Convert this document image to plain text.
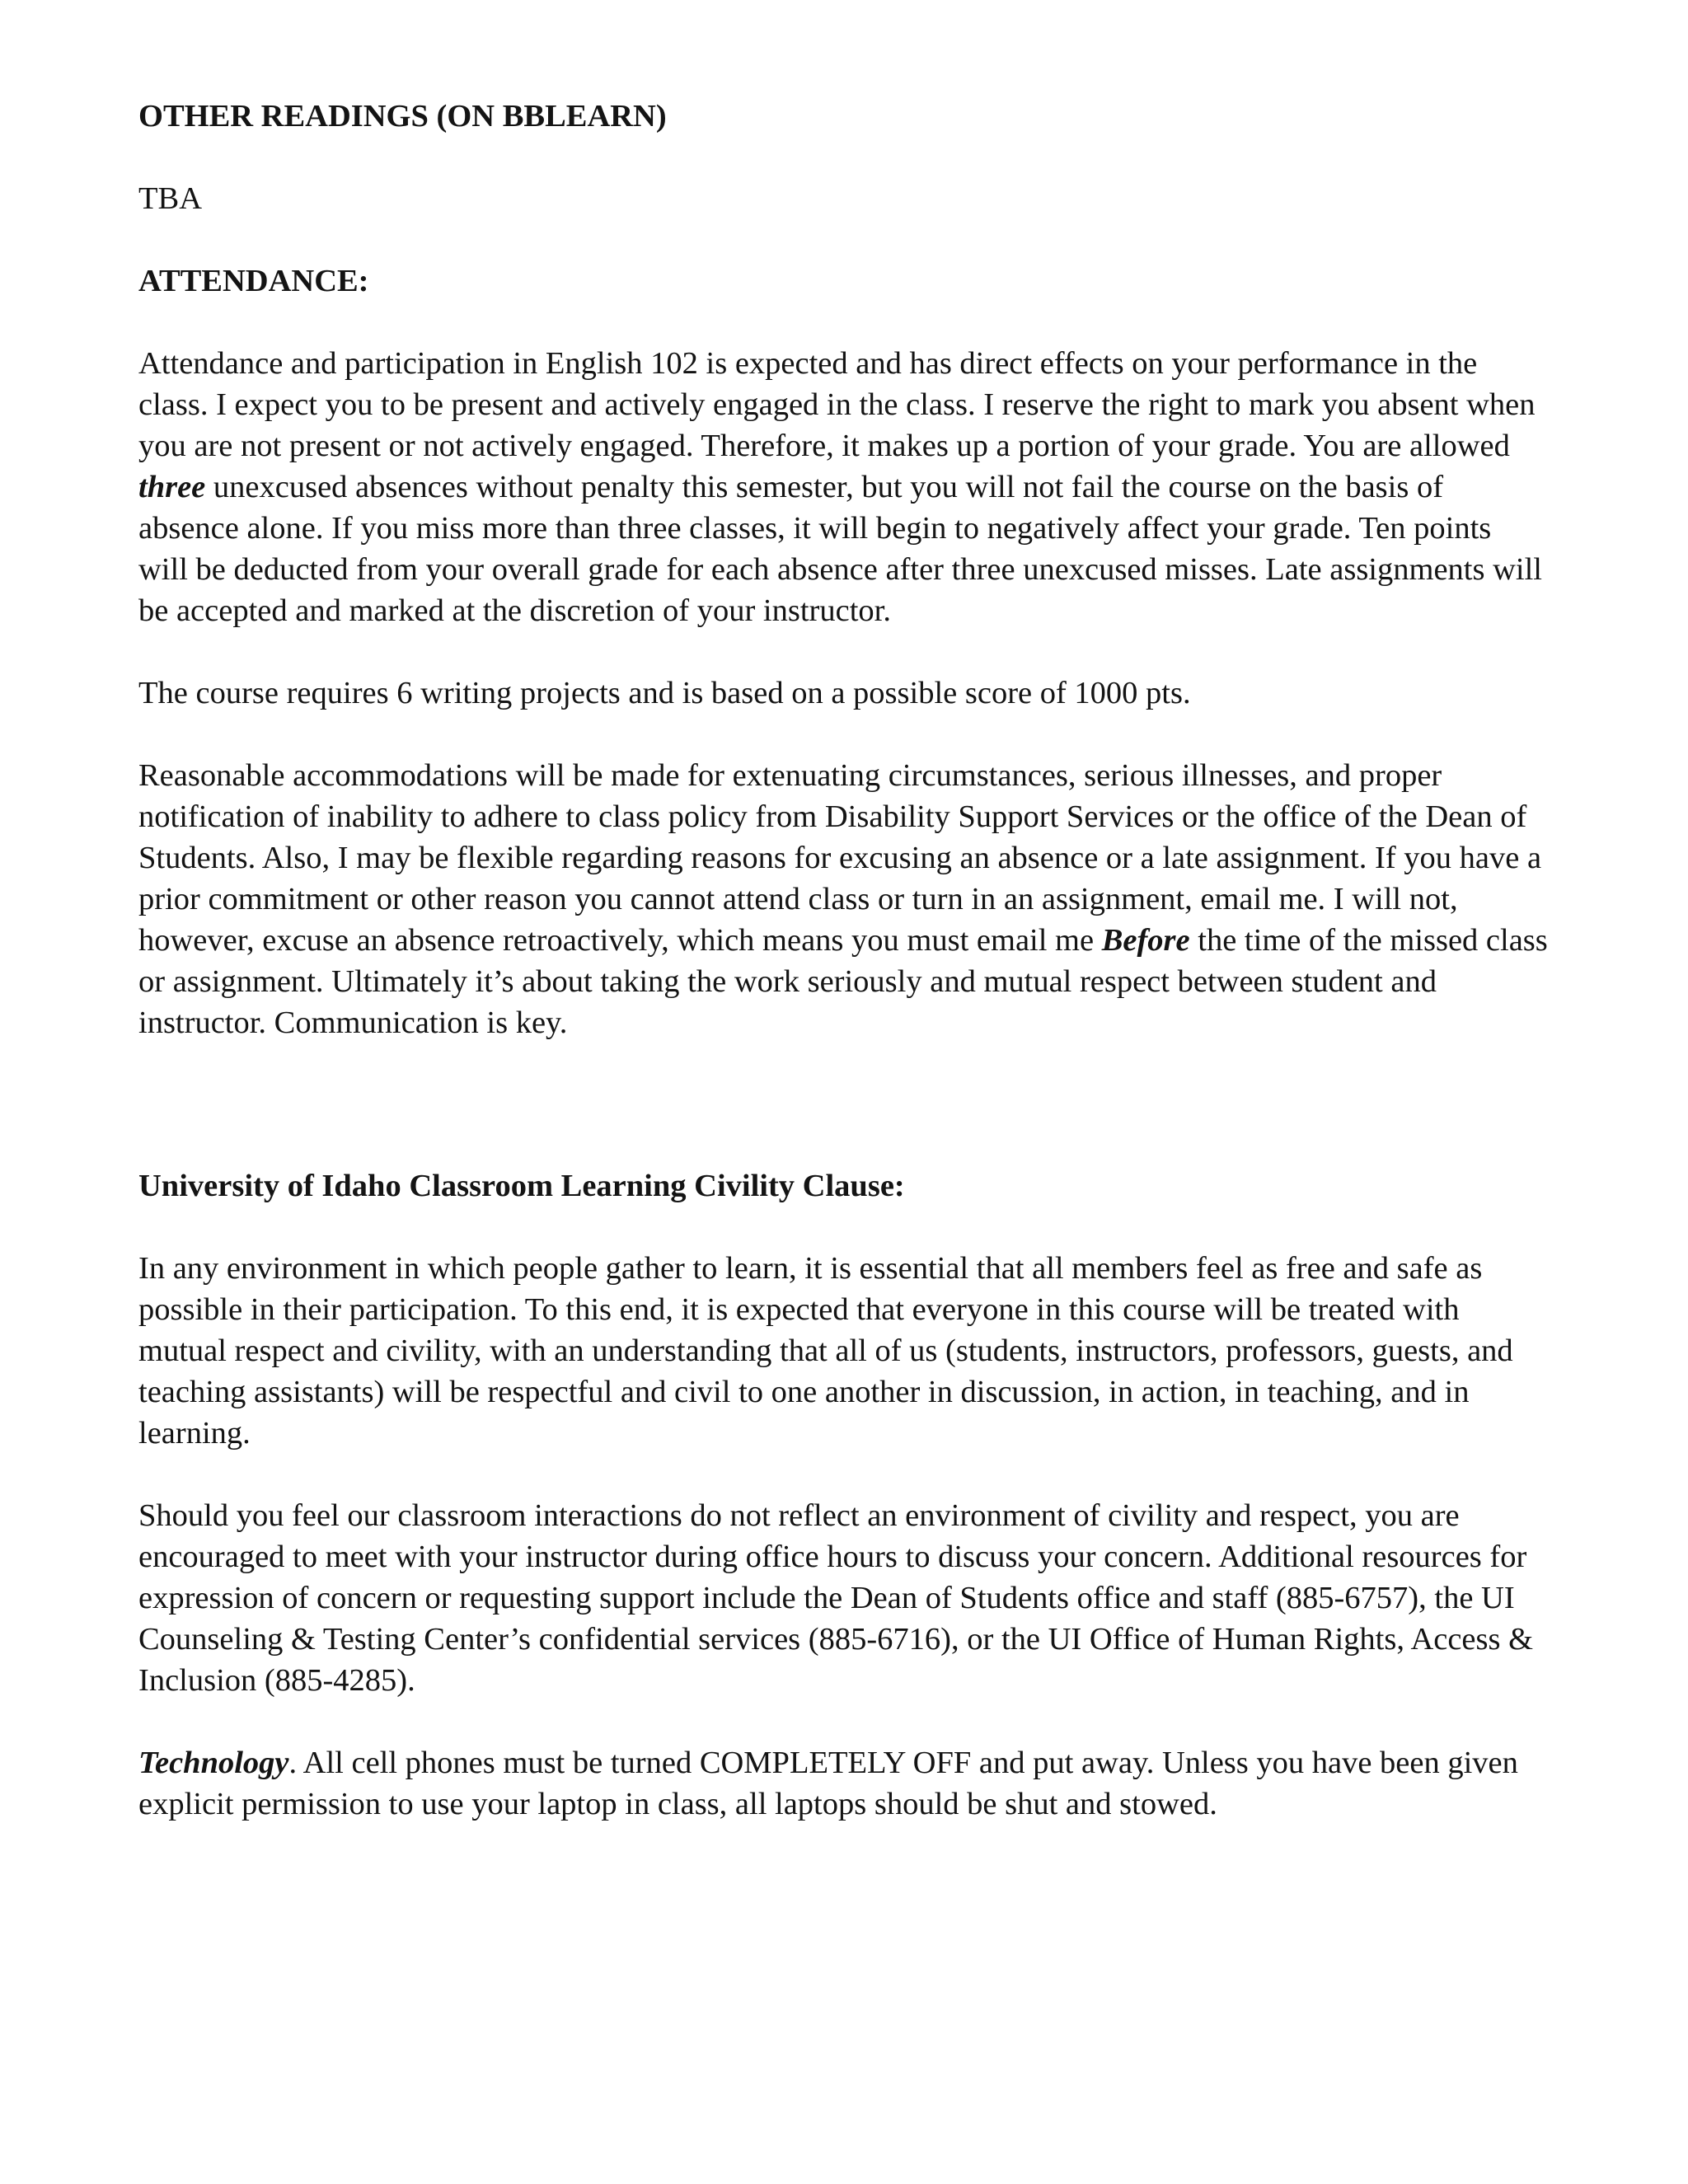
OTHER READINGS (ON BBLEARN)

TBA

ATTENDANCE:

Attendance and participation in English 102 is expected and has direct effects on your performance in the class. I expect you to be present and actively engaged in the class. I reserve the right to mark you absent when you are not present or not actively engaged. Therefore, it makes up a portion of your grade. You are allowed three unexcused absences without penalty this semester, but you will not fail the course on the basis of absence alone. If you miss more than three classes, it will begin to negatively affect your grade. Ten points will be deducted from your overall grade for each absence after three unexcused misses. Late assignments will be accepted and marked at the discretion of your instructor.

The course requires 6 writing projects and is based on a possible score of 1000 pts.

Reasonable accommodations will be made for extenuating circumstances, serious illnesses, and proper notification of inability to adhere to class policy from Disability Support Services or the office of the Dean of Students. Also, I may be flexible regarding reasons for excusing an absence or a late assignment. If you have a prior commitment or other reason you cannot attend class or turn in an assignment, email me. I will not, however, excuse an absence retroactively, which means you must email me Before the time of the missed class or assignment. Ultimately it’s about taking the work seriously and mutual respect between student and instructor. Communication is key.

University of Idaho Classroom Learning Civility Clause:

In any environment in which people gather to learn, it is essential that all members feel as free and safe as possible in their participation. To this end, it is expected that everyone in this course will be treated with mutual respect and civility, with an understanding that all of us (students, instructors, professors, guests, and teaching assistants) will be respectful and civil to one another in discussion, in action, in teaching, and in learning.

Should you feel our classroom interactions do not reflect an environment of civility and respect, you are encouraged to meet with your instructor during office hours to discuss your concern. Additional resources for expression of concern or requesting support include the Dean of Students office and staff (885-6757), the UI Counseling & Testing Center’s confidential services (885-6716), or the UI Office of Human Rights, Access & Inclusion (885-4285).

Technology. All cell phones must be turned COMPLETELY OFF and put away. Unless you have been given explicit permission to use your laptop in class, all laptops should be shut and stowed.
